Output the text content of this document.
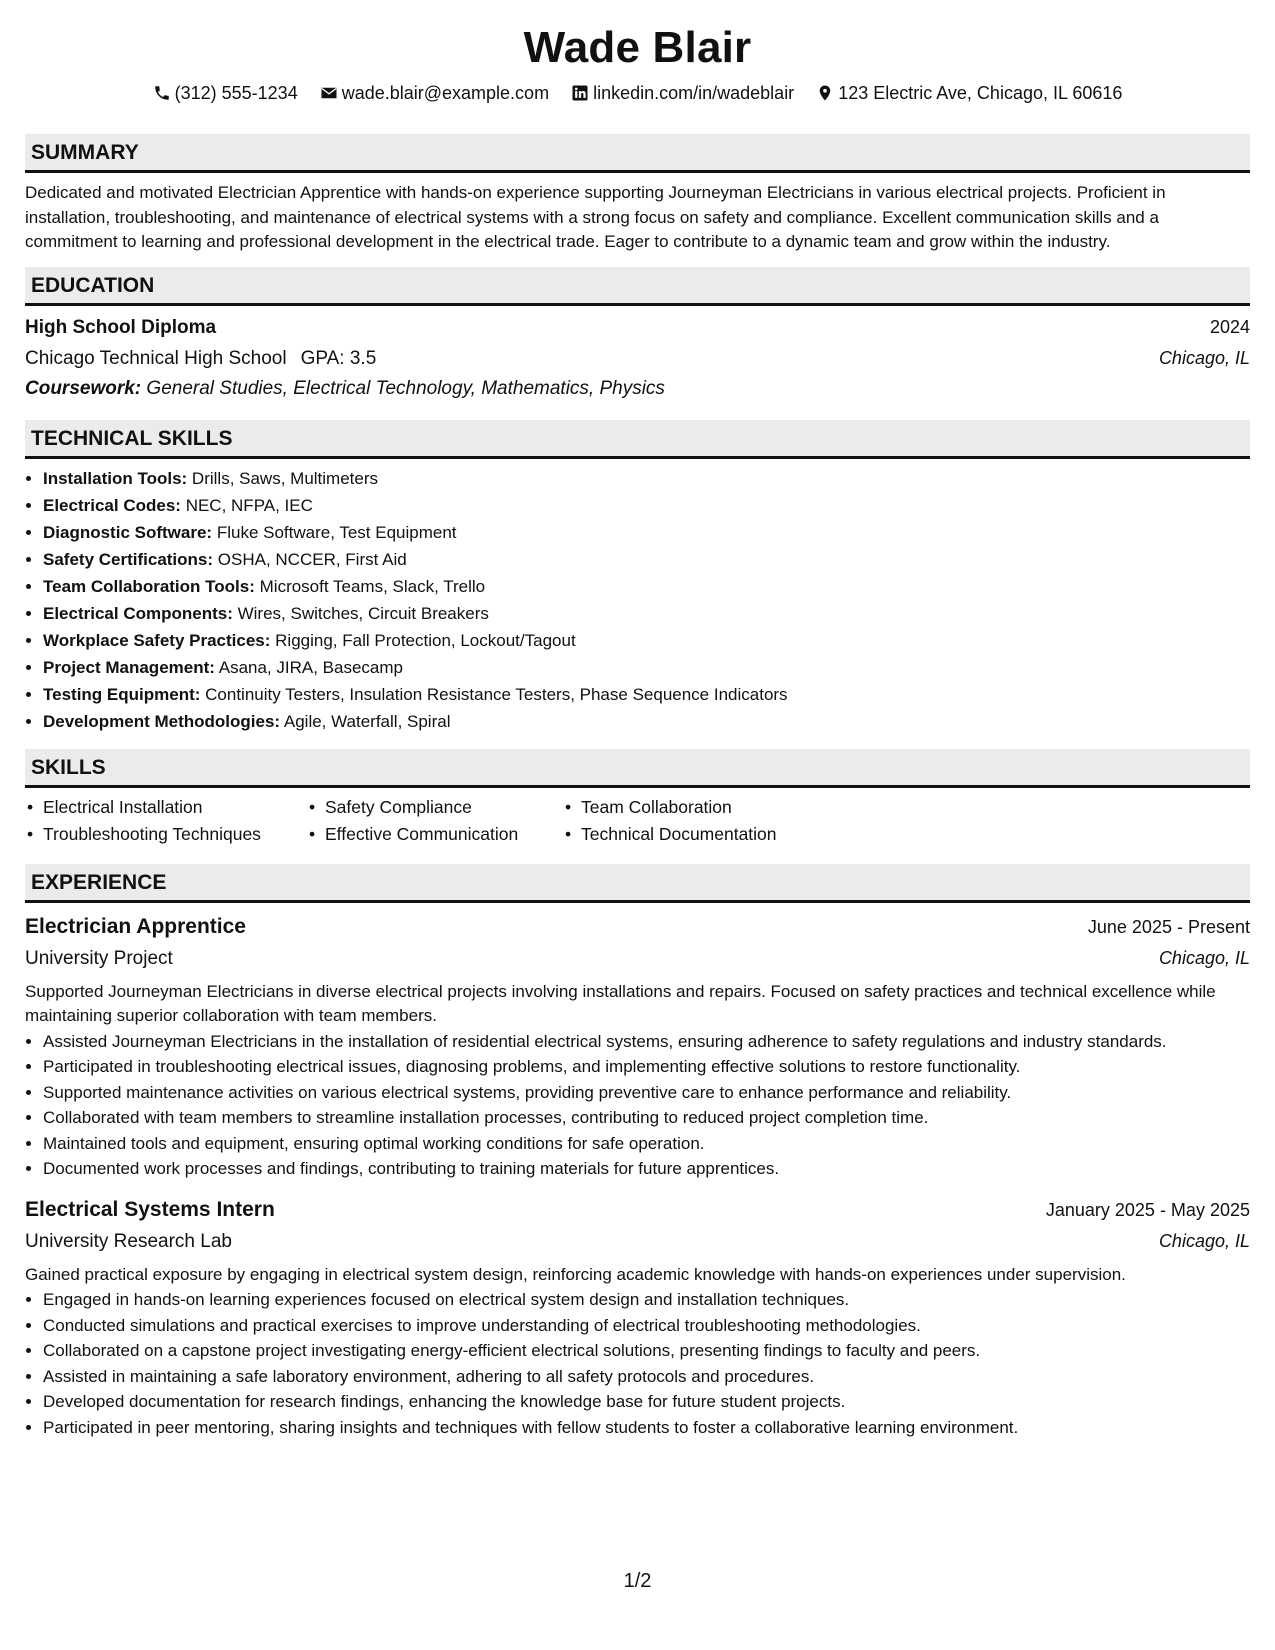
Wade Blair
(312) 555-1234 wade.blair@example.com linkedin.com/in/wadeblair 123 Electric Ave, Chicago, IL 60616
SUMMARY

Dedicated and motivated Electrician Apprentice with hands-on experience supporting Journeyman Electricians in various electrical projects. Proficient in installation, troubleshooting, and maintenance of electrical systems with a strong focus on safety and compliance. Excellent communication skills and a commitment to learning and professional development in the electrical trade. Eager to contribute to a dynamic team and grow within the industry.

EDUCATION
High School Diploma	2024
Chicago Technical High School GPA: 3.5	Chicago, IL
Coursework: General Studies, Electrical Technology, Mathematics, Physics
TECHNICAL SKILLS
• Installation Tools: Drills, Saws, Multimeters
• Electrical Codes: NEC, NFPA, IEC
• Diagnostic Software: Fluke Software, Test Equipment
• Safety Certifications: OSHA, NCCER, First Aid
• Team Collaboration Tools: Microsoft Teams, Slack, Trello
• Electrical Components: Wires, Switches, Circuit Breakers
• Workplace Safety Practices: Rigging, Fall Protection, Lockout/Tagout
• Project Management: Asana, JIRA, Basecamp
• Testing Equipment: Continuity Testers, Insulation Resistance Testers, Phase Sequence Indicators
• Development Methodologies: Agile, Waterfall, Spiral
SKILLS
• Electrical Installation	• Safety Compliance	• Team Collaboration
• Troubleshooting Techniques	• Effective Communication	• Technical Documentation
EXPERIENCE
Electrician Apprentice	June 2025 - Present
University Project	Chicago, IL
Supported Journeyman Electricians in diverse electrical projects involving installations and repairs. Focused on safety practices and technical excellence while maintaining superior collaboration with team members.
• Assisted Journeyman Electricians in the installation of residential electrical systems, ensuring adherence to safety regulations and industry standards.
• Participated in troubleshooting electrical issues, diagnosing problems, and implementing effective solutions to restore functionality.
• Supported maintenance activities on various electrical systems, providing preventive care to enhance performance and reliability.
• Collaborated with team members to streamline installation processes, contributing to reduced project completion time.
• Maintained tools and equipment, ensuring optimal working conditions for safe operation.
• Documented work processes and findings, contributing to training materials for future apprentices.
Electrical Systems Intern	January 2025 - May 2025
University Research Lab	Chicago, IL
Gained practical exposure by engaging in electrical system design, reinforcing academic knowledge with hands-on experiences under supervision.
• Engaged in hands-on learning experiences focused on electrical system design and installation techniques.
• Conducted simulations and practical exercises to improve understanding of electrical troubleshooting methodologies.
• Collaborated on a capstone project investigating energy-efficient electrical solutions, presenting findings to faculty and peers.
• Assisted in maintaining a safe laboratory environment, adhering to all safety protocols and procedures.
• Developed documentation for research findings, enhancing the knowledge base for future student projects.
• Participated in peer mentoring, sharing insights and techniques with fellow students to foster a collaborative learning environment.
1/2
